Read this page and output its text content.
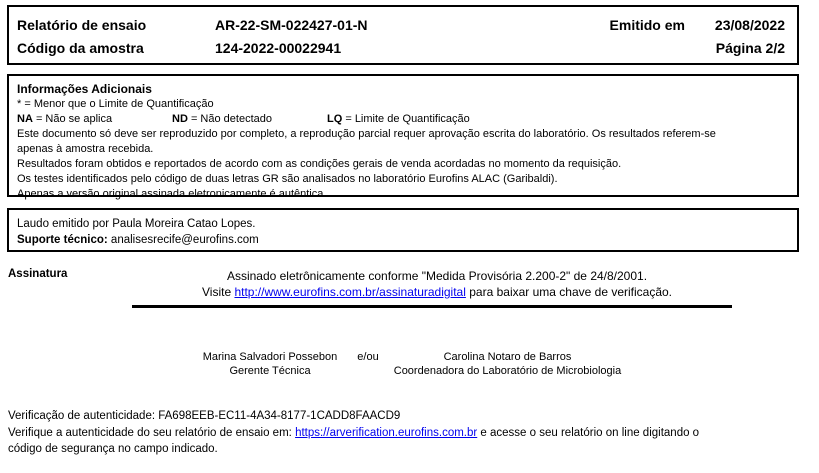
Relatório de ensaio	AR-22-SM-022427-01-N	Emitido em	23/08/2022
Código da amostra	124-2022-00022941	Página 2/2
Informações Adicionais
* = Menor que o Limite de Quantificação
NA = Não se aplica	ND = Não detectado	LQ = Limite de Quantificação
Este documento só deve ser reproduzido por completo, a reprodução parcial requer aprovação escrita do laboratório. Os resultados referem-se
apenas à amostra recebida.
Resultados foram obtidos e reportados de acordo com as condições gerais de venda acordadas no momento da requisição.
Os testes identificados pelo código de duas letras GR são analisados no laboratório Eurofins ALAC (Garibaldi).
Apenas a versão original assinada eletronicamente é autêntica.
Laudo emitido por Paula Moreira Catao Lopes.
Suporte técnico: analisesrecife@eurofins.com
Assinatura	Assinado eletrônicamente conforme "Medida Provisória 2.200-2" de 24/8/2001.
Visite http://www.eurofins.com.br/assinaturadigital para baixar uma chave de verificação.
Marina Salvadori Possebon
Gerente Técnica
e/ou	Carolina Notaro de Barros
Coordenadora do Laboratório de Microbiologia
Verificação de autenticidade: FA698EEB-EC11-4A34-8177-1CADD8FAACD9
Verifique a autenticidade do seu relatório de ensaio em: https://arverification.eurofins.com.br e acesse o seu relatório on line digitando o
código de segurança no campo indicado.
